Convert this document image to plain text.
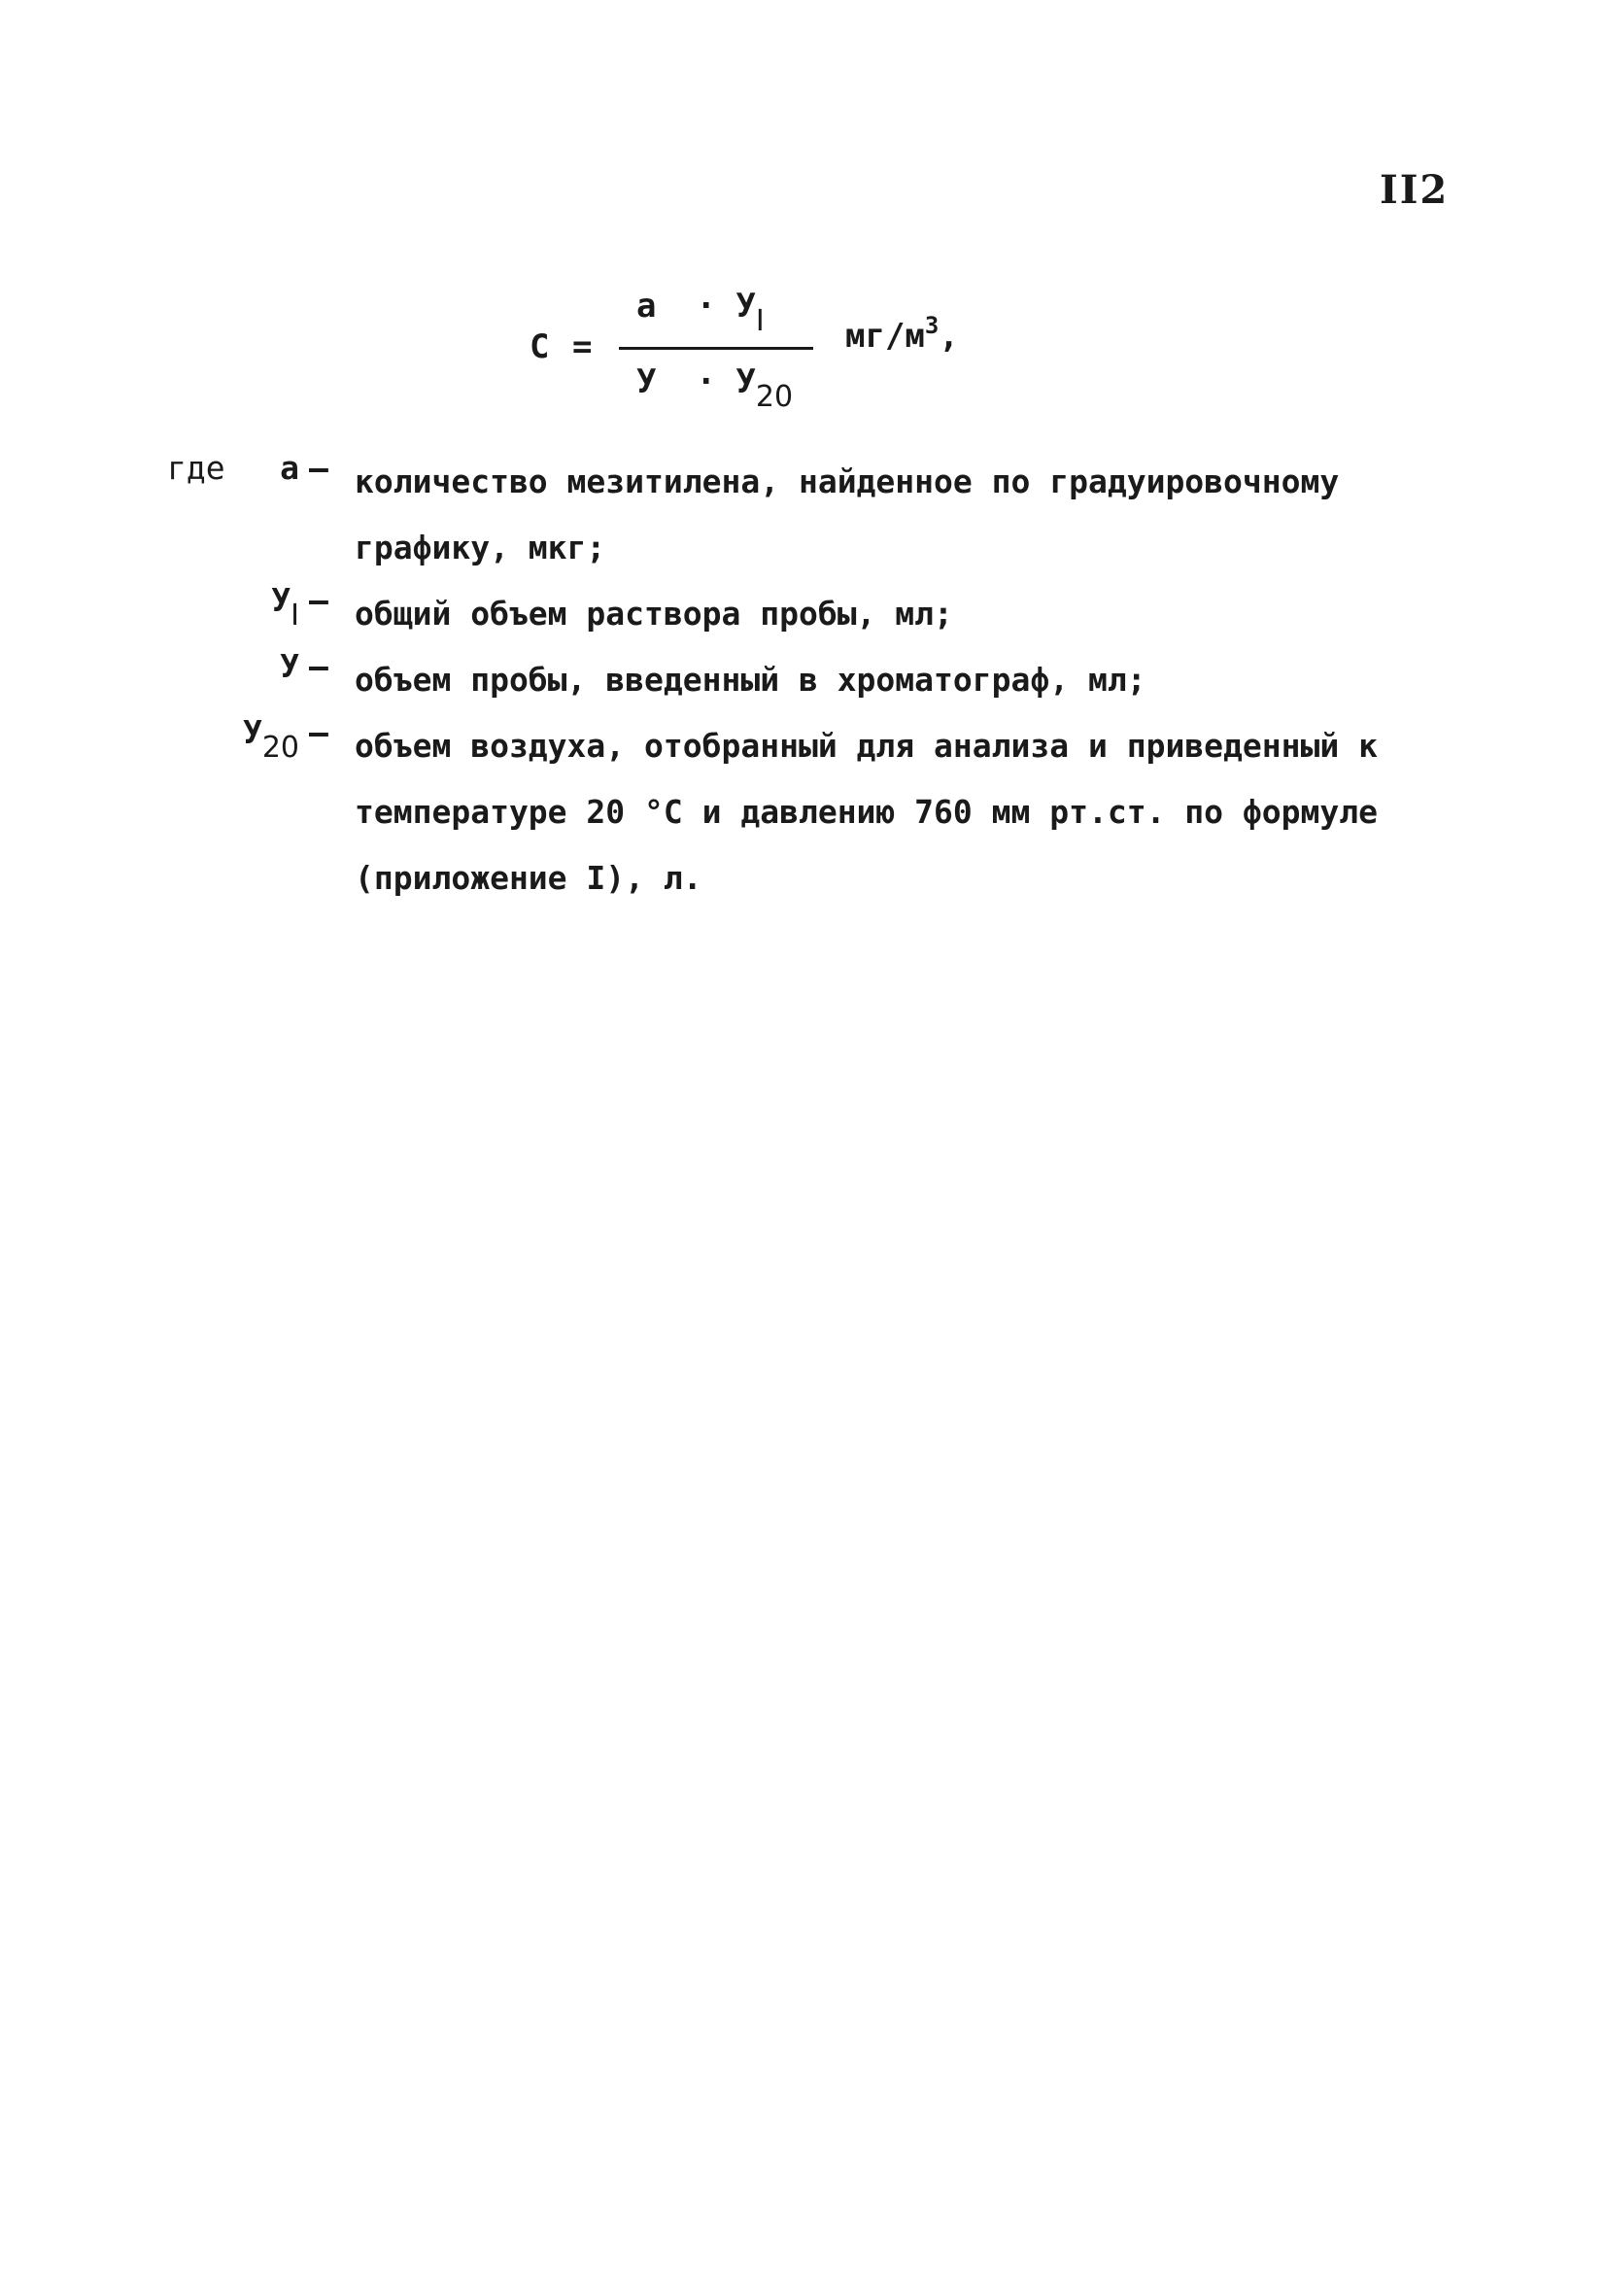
II2
C =
$a \cdot У_I$
$У \cdot У_{20}$
$мг/м^3$,
где	a – количество мезитилена, найденное по градуировочному
графику, мкг;
$У_I$ – общий объем раствора пробы, мл;
У – объем пробы, введенный в хроматограф, мл;
$У_{20}$ – объем воздуха, отобранный для анализа и приведенный к
температуре 20 °С и давлению 760 мм рт.ст. по формуле
(приложение I), л.
